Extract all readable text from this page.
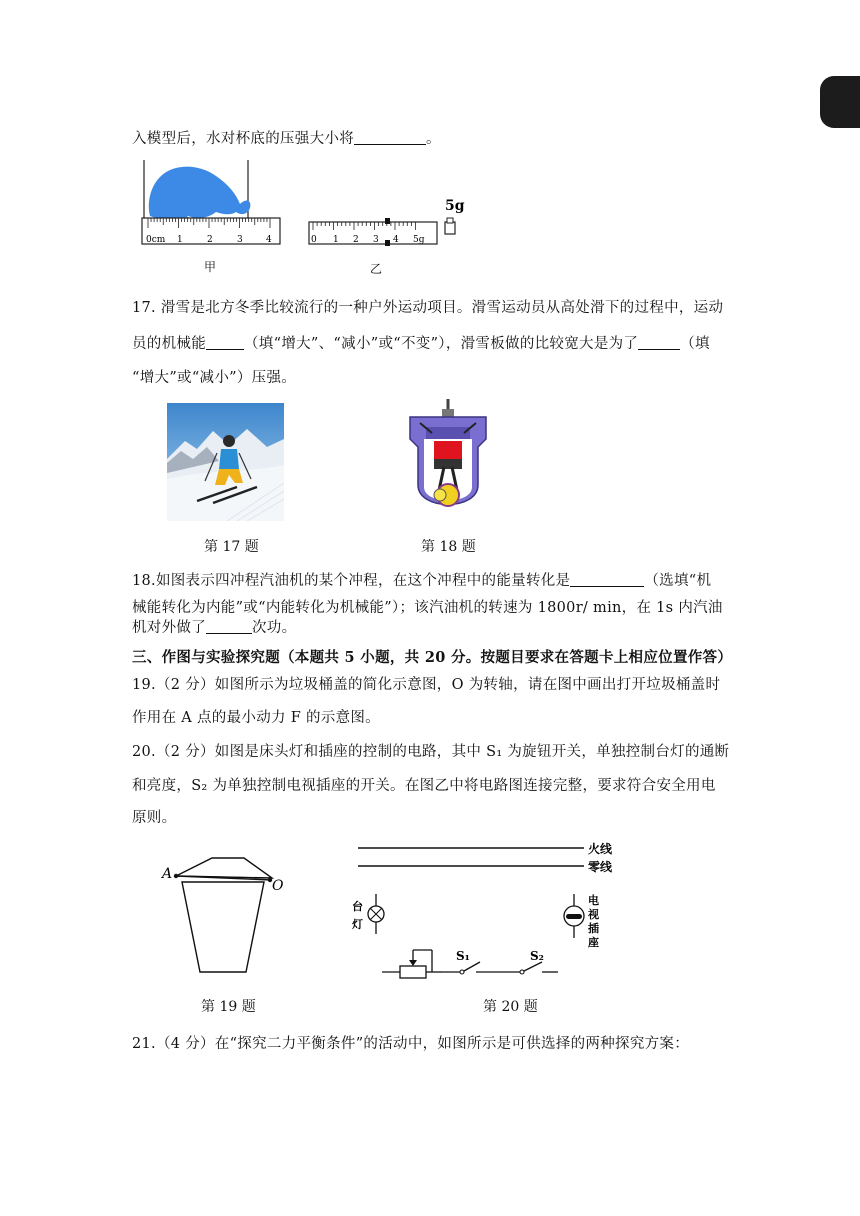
入模型后，水对杯底的压强大小将	。
0cm 1	2	3	4
甲
5g
0 1 2 3 4 5g
乙
17. 滑雪是北方冬季比较流行的一种户外运动项目。滑雪运动员从高处滑下的过程中，运动
员的机械能	（填“增大”、“减小”或“不变”），滑雪板做的比较宽大是为了	（填
“增大”或“减小”）压强。
第 17 题	第 18 题
18.如图表示四冲程汽油机的某个冲程，在这个冲程中的能量转化是	（选填“机
械能转化为内能”或“内能转化为机械能”）；该汽油机的转速为 1800r/ min，在 1s 内汽油
机对外做了	次功。
三、作图与实验探究题（本题共 5 小题，共 20 分。按题目要求在答题卡上相应位置作答）
19.（2 分）如图所示为垃圾桶盖的简化示意图，O 为转轴，请在图中画出打开垃圾桶盖时
作用在 A 点的最小动力 F 的示意图。
20.（2 分）如图是床头灯和插座的控制的电路，其中 S₁ 为旋钮开关，单独控制台灯的通断
和亮度，S₂ 为单独控制电视插座的开关。在图乙中将电路图连接完整，要求符合安全用电
原则。
A
O
第 19 题
火线
零线
台
灯
电
视
插
座
S₁	S₂
第 20 题
21.（4 分）在“探究二力平衡条件”的活动中，如图所示是可供选择的两种探究方案：
